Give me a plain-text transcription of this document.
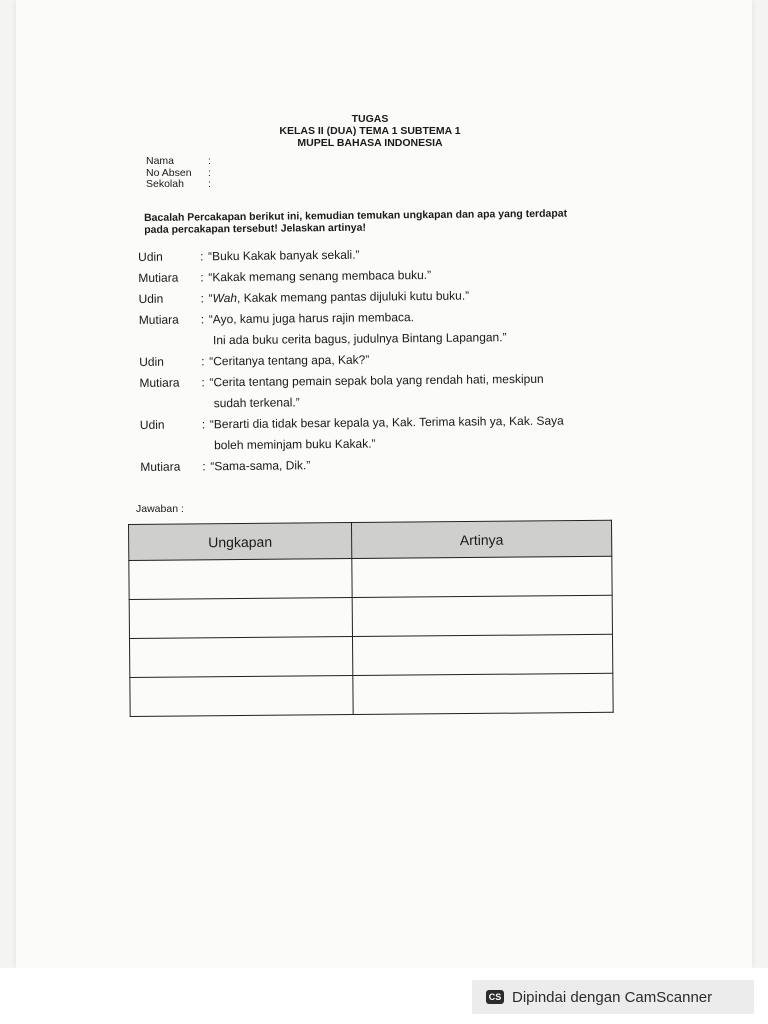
TUGAS
KELAS II (DUA) TEMA 1 SUBTEMA 1
MUPEL BAHASA INDONESIA
Nama	:
No Absen	:
Sekolah	:
Bacalah Percakapan berikut ini, kemudian temukan ungkapan dan apa yang terdapat
pada percakapan tersebut! Jelaskan artinya!
Udin	: “Buku Kakak banyak sekali.”
Mutiara	: “Kakak memang senang membaca buku.”
Udin	: “Wah, Kakak memang pantas dijuluki kutu buku.”
Mutiara	: “Ayo, kamu juga harus rajin membaca.
Ini ada buku cerita bagus, judulnya Bintang Lapangan.”
Udin	: “Ceritanya tentang apa, Kak?”
Mutiara	: “Cerita tentang pemain sepak bola yang rendah hati, meskipun
sudah terkenal.”
Udin	: “Berarti dia tidak besar kepala ya, Kak. Terima kasih ya, Kak. Saya
boleh meminjam buku Kakak.”
Mutiara	: “Sama-sama, Dik.”
Jawaban :
Ungkapan	Artinya

CS Dipindai dengan CamScanner
